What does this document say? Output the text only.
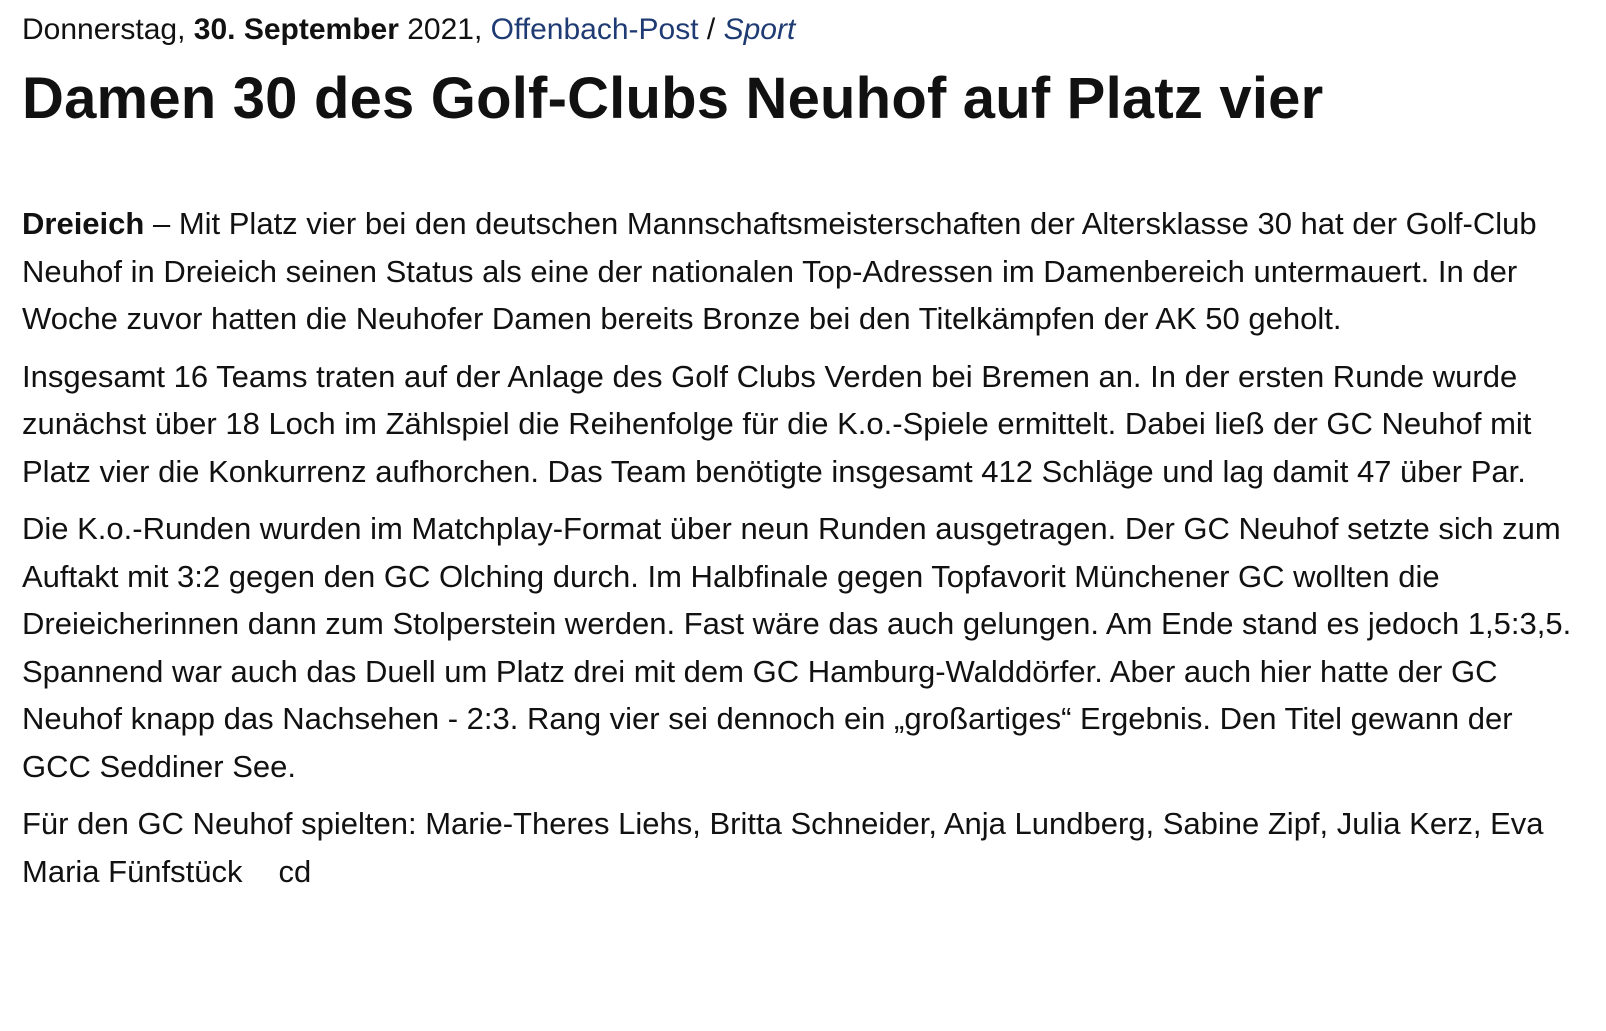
Donnerstag, 30. September 2021, Offenbach-Post / Sport
Damen 30 des Golf-Clubs Neuhof auf Platz vier

Dreieich – Mit Platz vier bei den deutschen Mannschaftsmeisterschaften der Altersklasse 30 hat der Golf-Club Neuhof in Dreieich seinen Status als eine der nationalen Top-Adressen im Damenbereich untermauert. In der Woche zuvor hatten die Neuhofer Damen bereits Bronze bei den Titelkämpfen der AK 50 geholt.

Insgesamt 16 Teams traten auf der Anlage des Golf Clubs Verden bei Bremen an. In der ersten Runde wurde zunächst über 18 Loch im Zählspiel die Reihenfolge für die K.o.-Spiele ermittelt. Dabei ließ der GC Neuhof mit Platz vier die Konkurrenz aufhorchen. Das Team benötigte insgesamt 412 Schläge und lag damit 47 über Par.

Die K.o.-Runden wurden im Matchplay-Format über neun Runden ausgetragen. Der GC Neuhof setzte sich zum Auftakt mit 3:2 gegen den GC Olching durch. Im Halbfinale gegen Topfavorit Münchener GC wollten die Dreieicherinnen dann zum Stolperstein werden. Fast wäre das auch gelungen. Am Ende stand es jedoch 1,5:3,5. Spannend war auch das Duell um Platz drei mit dem GC Hamburg-Walddörfer. Aber auch hier hatte der GC Neuhof knapp das Nachsehen - 2:3. Rang vier sei dennoch ein „großartiges“ Ergebnis. Den Titel gewann der GCC Seddiner See.

Für den GC Neuhof spielten: Marie-Theres Liehs, Britta Schneider, Anja Lundberg, Sabine Zipf, Julia Kerz, Eva Maria Fünfstück cd
